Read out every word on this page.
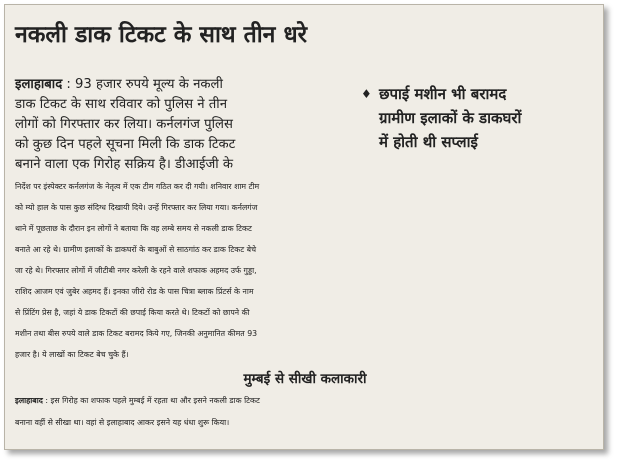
नकली डाक टिकट के साथ तीन धरे
♦ छपाई मशीन भी बरामद
ग्रामीण इलाकों के डाकघरों
में होती थी सप्लाई
इलाहाबाद : 93 हजार रुपये मूल्य के नकली
डाक टिकट के साथ रविवार को पुलिस ने तीन
लोगों को गिरफ्तार कर लिया। कर्नलगंज पुलिस
को कुछ दिन पहले सूचना मिली कि डाक टिकट
बनाने वाला एक गिरोह सक्रिय है। डीआईजी के
निर्देश पर इंस्पेक्टर कर्नलगंज के नेतृत्व में एक टीम गठित कर दी गयी। शनिवार शाम टीम
को म्यो हाल के पास कुछ संदिग्ध दिखायी दिये। उन्हें गिरफ्तार कर लिया गया। कर्नलगंज
थाने में पूछताछ के दौरान इन लोगों ने बताया कि वह लम्बे समय से नकली डाक टिकट
बनाते आ रहे थे। ग्रामीण इलाकों के डाकघरों के बाबुओं से साठगांठ कर डाक टिकट बेचे
जा रहे थे। गिरफ्तार लोगों में जीटीबी नगर करेली के रहने वाले शफाक अहमद उर्फ गुड्डा,
राशिद आजम एवं जुबेर अहमद हैं। इनका जीरो रोड के पास चित्रा ब्लाक प्रिंटर्स के नाम
से प्रिंटिंग प्रेस है, जहां ये डाक टिकटों की छपाई किया करते थे। टिकटों को छापने की
मशीन तथा बीस रुपये वाले डाक टिकट बरामद किये गए, जिनकी अनुमानित कीमत 93
हजार है। ये लाखों का टिकट बेच चुके हैं।
मुम्बई से सीखी कलाकारी
इलाहाबाद : इस गिरोह का शफाक पहले मुम्बई में रहता था और इसने नकली डाक टिकट
बनाना वहीं से सीखा था। वहां से इलाहाबाद आकर इसने यह धंधा शुरू किया।
